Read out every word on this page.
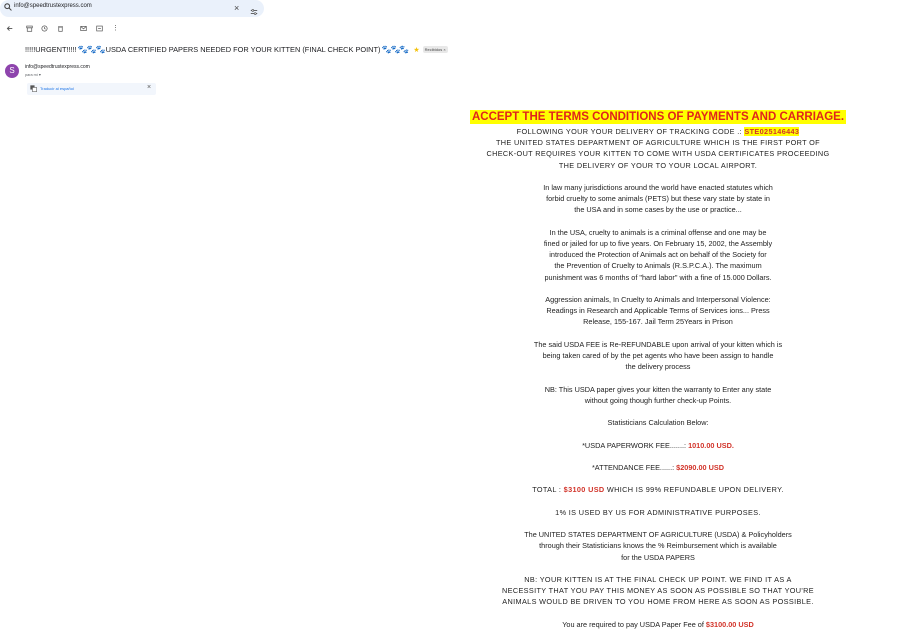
info@speedtrustexpress.com	×
⋮
!!!!!URGENT!!!!! 🐾🐾🐾 USDA CERTIFIED PAPERS NEEDED FOR YOUR KITTEN (FINAL CHECK POINT) 🐾🐾🐾 ★	Recibidos ×
S	info@speedtrustexpress.com
para mí ▾
Traducir al español	×
ACCEPT THE TERMS CONDITIONS OF PAYMENTS AND CARRIAGE.

FOLLOWING YOUR YOUR DELIVERY OF TRACKING CODE .: STE025146443
THE UNITED STATES DEPARTMENT OF AGRICULTURE WHICH IS THE FIRST PORT OF
CHECK-OUT REQUIRES YOUR KITTEN TO COME WITH USDA CERTIFICATES PROCEEDING
THE DELIVERY OF YOUR TO YOUR LOCAL AIRPORT.

In law many jurisdictions around the world have enacted statutes which
forbid cruelty to some animals (PETS) but these vary state by state in
the USA and in some cases by the use or practice...

In the USA, cruelty to animals is a criminal offense and one may be
fined or jailed for up to five years. On February 15, 2002, the Assembly
introduced the Protection of Animals act on behalf of the Society for
the Prevention of Cruelty to Animals (R.S.P.C.A.). The maximum
punishment was 6 months of "hard labor" with a fine of 15.000 Dollars.

Aggression animals, In Cruelty to Animals and Interpersonal Violence:
Readings in Research and Applicable Terms of Services ions... Press
Release, 155-167. Jail Term 25Years in Prison

The said USDA FEE is Re-REFUNDABLE upon arrival of your kitten which is
being taken cared of by the pet agents who have been assign to handle
the delivery process

NB: This USDA paper gives your kitten the warranty to Enter any state
without going though further check-up Points.

Statisticians Calculation Below:

*USDA PAPERWORK FEE.......: 1010.00 USD.

*ATTENDANCE FEE......: $2090.00 USD

TOTAL : $3100 USD WHICH IS 99% REFUNDABLE UPON DELIVERY.

1% IS USED BY US FOR ADMINISTRATIVE PURPOSES.

The UNITED STATES DEPARTMENT OF AGRICULTURE (USDA) & Policyholders
through their Statisticians knows the % Reimbursement which is available
for the USDA PAPERS

NB: YOUR KITTEN IS AT THE FINAL CHECK UP POINT. WE FIND IT AS A
NECESSITY THAT YOU PAY THIS MONEY AS SOON AS POSSIBLE SO THAT YOU'RE
ANIMALS WOULD BE DRIVEN TO YOU HOME FROM HERE AS SOON AS POSSIBLE.

You are required to pay USDA Paper Fee of $3100.00 USD
